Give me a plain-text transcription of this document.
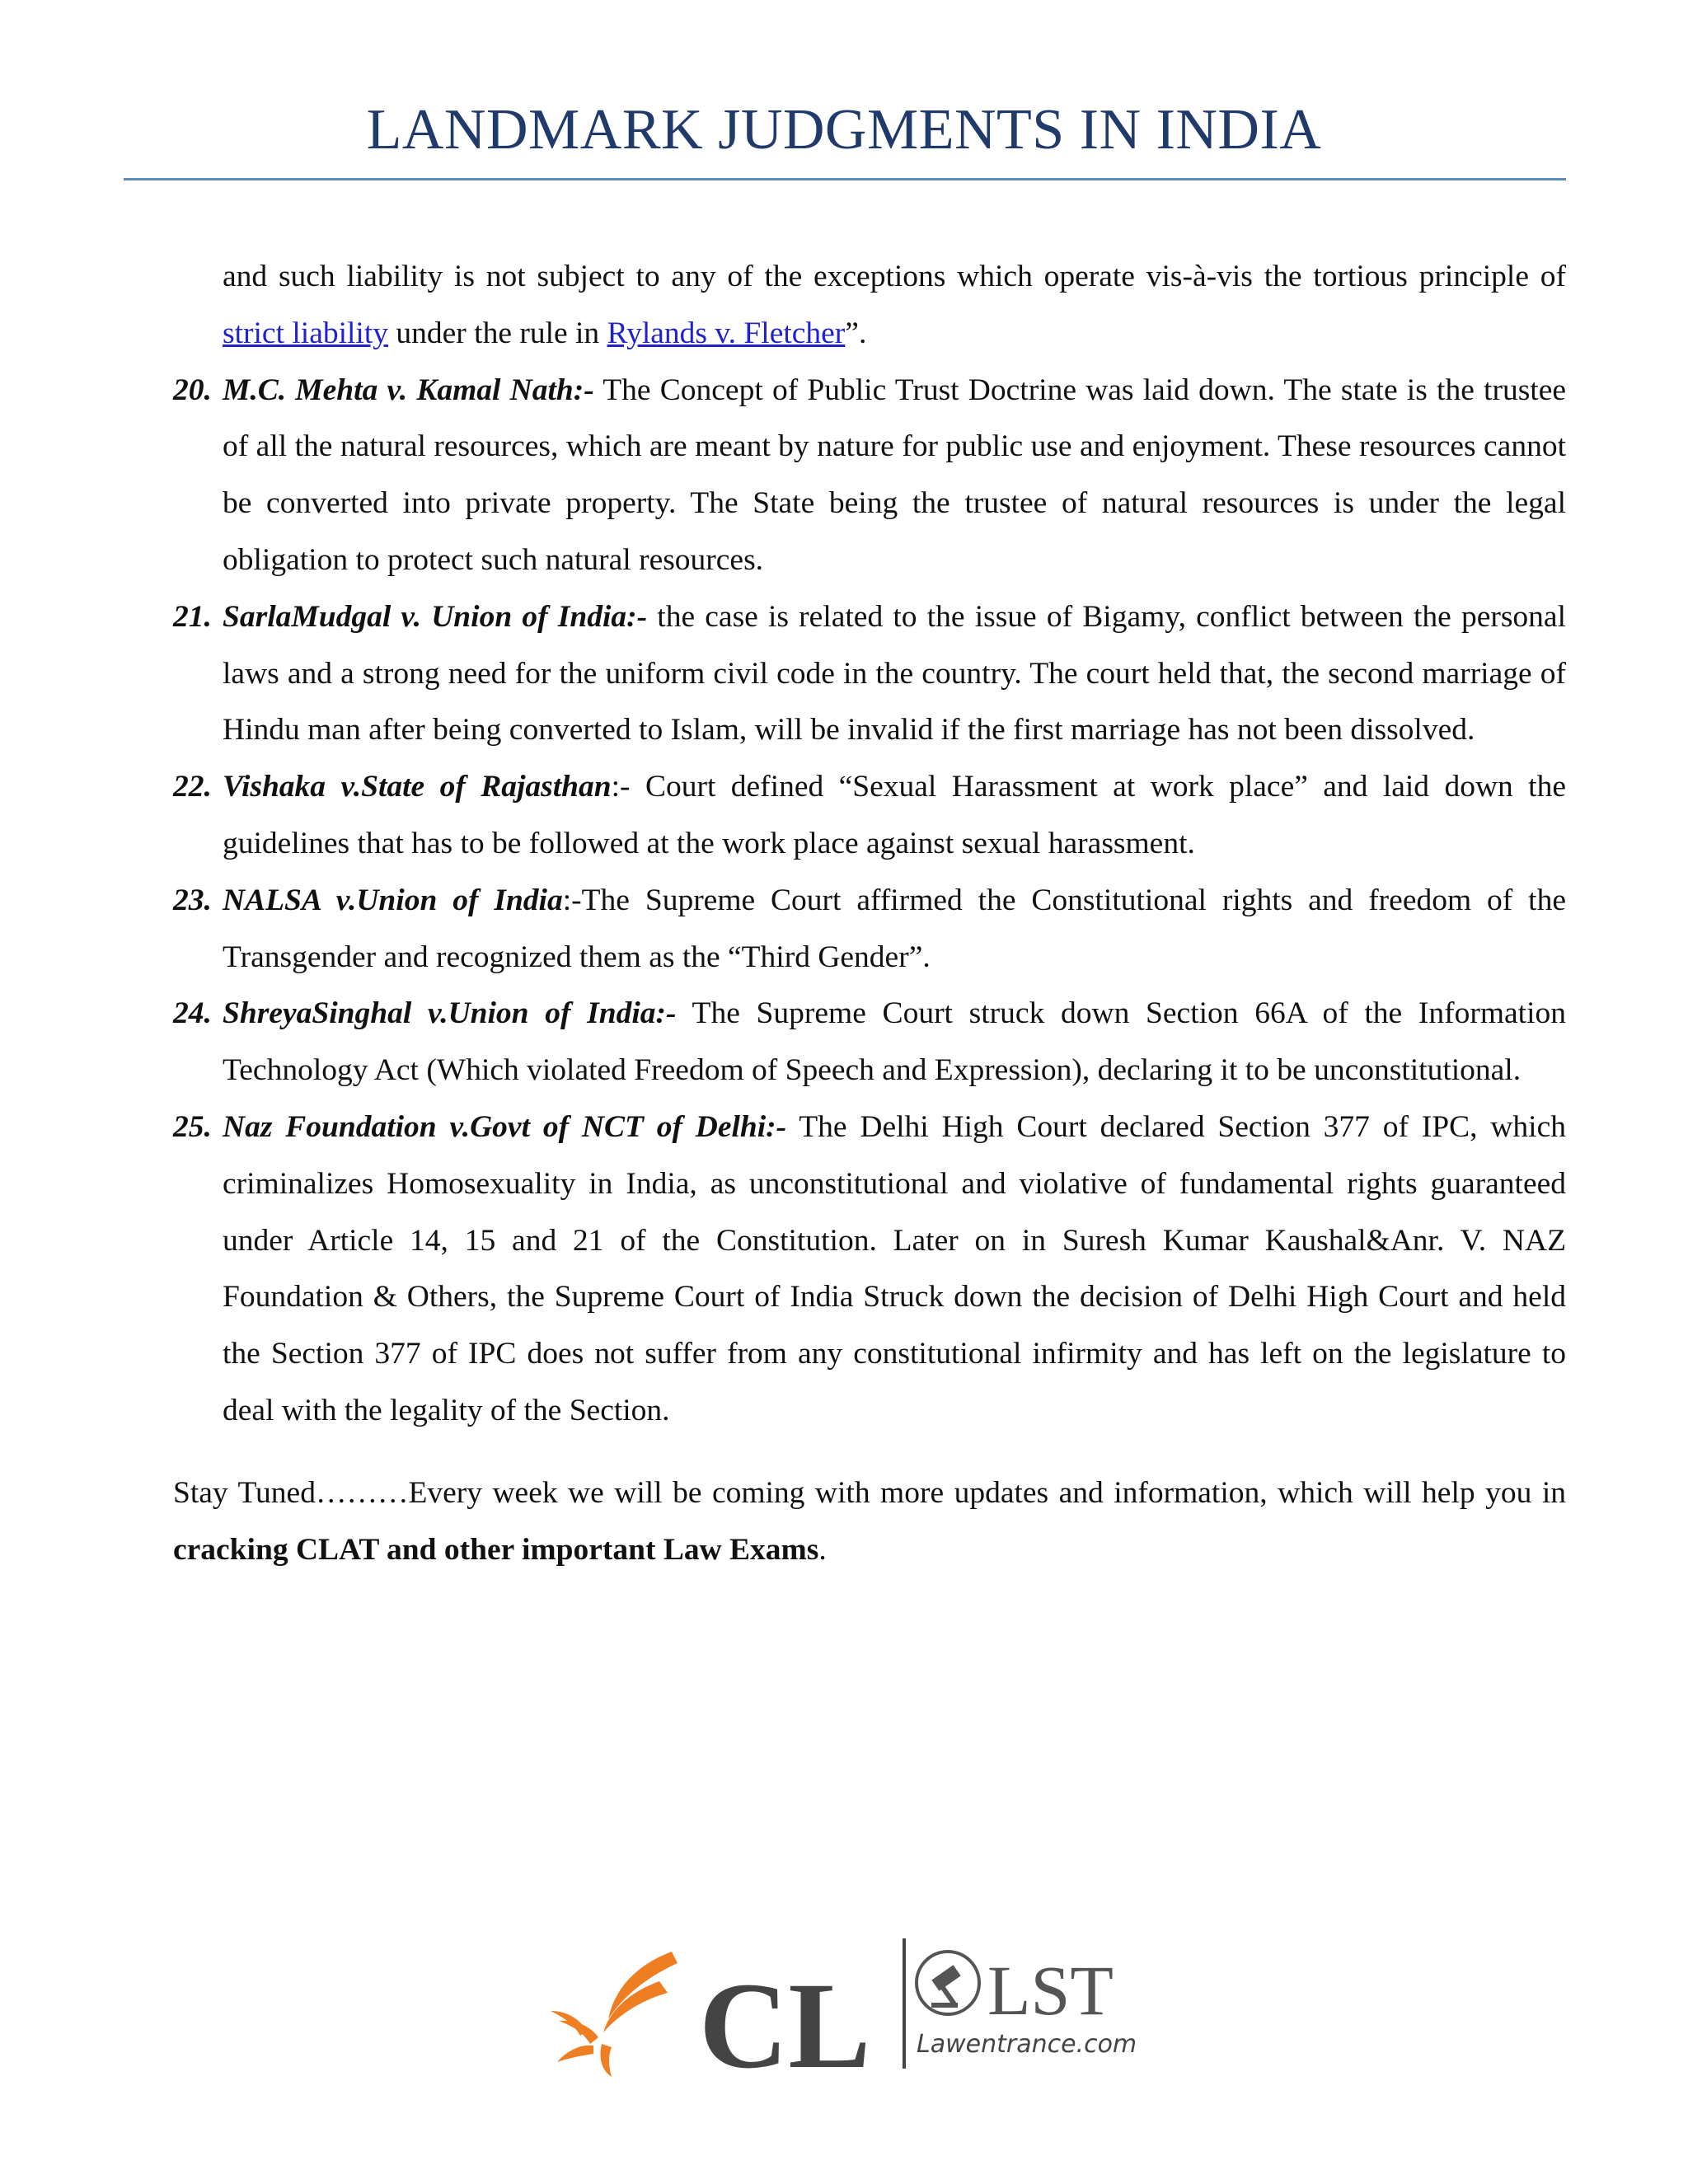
LANDMARK JUDGMENTS IN INDIA

and such liability is not subject to any of the exceptions which operate vis-à-vis the tortious principle of strict liability under the rule in Rylands v. Fletcher”.

20. M.C. Mehta v. Kamal Nath:- The Concept of Public Trust Doctrine was laid down. The state is the trustee of all the natural resources, which are meant by nature for public use and enjoyment. These resources cannot be converted into private property. The State being the trustee of natural resources is under the legal obligation to protect such natural resources.
21. SarlaMudgal v. Union of India:- the case is related to the issue of Bigamy, conflict between the personal laws and a strong need for the uniform civil code in the country. The court held that, the second marriage of Hindu man after being converted to Islam, will be invalid if the first marriage has not been dissolved.
22. Vishaka v.State of Rajasthan:- Court defined “Sexual Harassment at work place” and laid down the guidelines that has to be followed at the work place against sexual harassment.
23. NALSA v.Union of India:-The Supreme Court affirmed the Constitutional rights and freedom of the Transgender and recognized them as the “Third Gender”.
24. ShreyaSinghal v.Union of India:- The Supreme Court struck down Section 66A of the Information Technology Act (Which violated Freedom of Speech and Expression), declaring it to be unconstitutional.
25. Naz Foundation v.Govt of NCT of Delhi:- The Delhi High Court declared Section 377 of IPC, which criminalizes Homosexuality in India, as unconstitutional and violative of fundamental rights guaranteed under Article 14, 15 and 21 of the Constitution. Later on in Suresh Kumar Kaushal&Anr. V. NAZ Foundation & Others, the Supreme Court of India Struck down the decision of Delhi High Court and held the Section 377 of IPC does not suffer from any constitutional infirmity and has left on the legislature to deal with the legality of the Section.

Stay Tuned………Every week we will be coming with more updates and information, which will help you in cracking CLAT and other important Law Exams.

CL LST
Lawentrance.com
